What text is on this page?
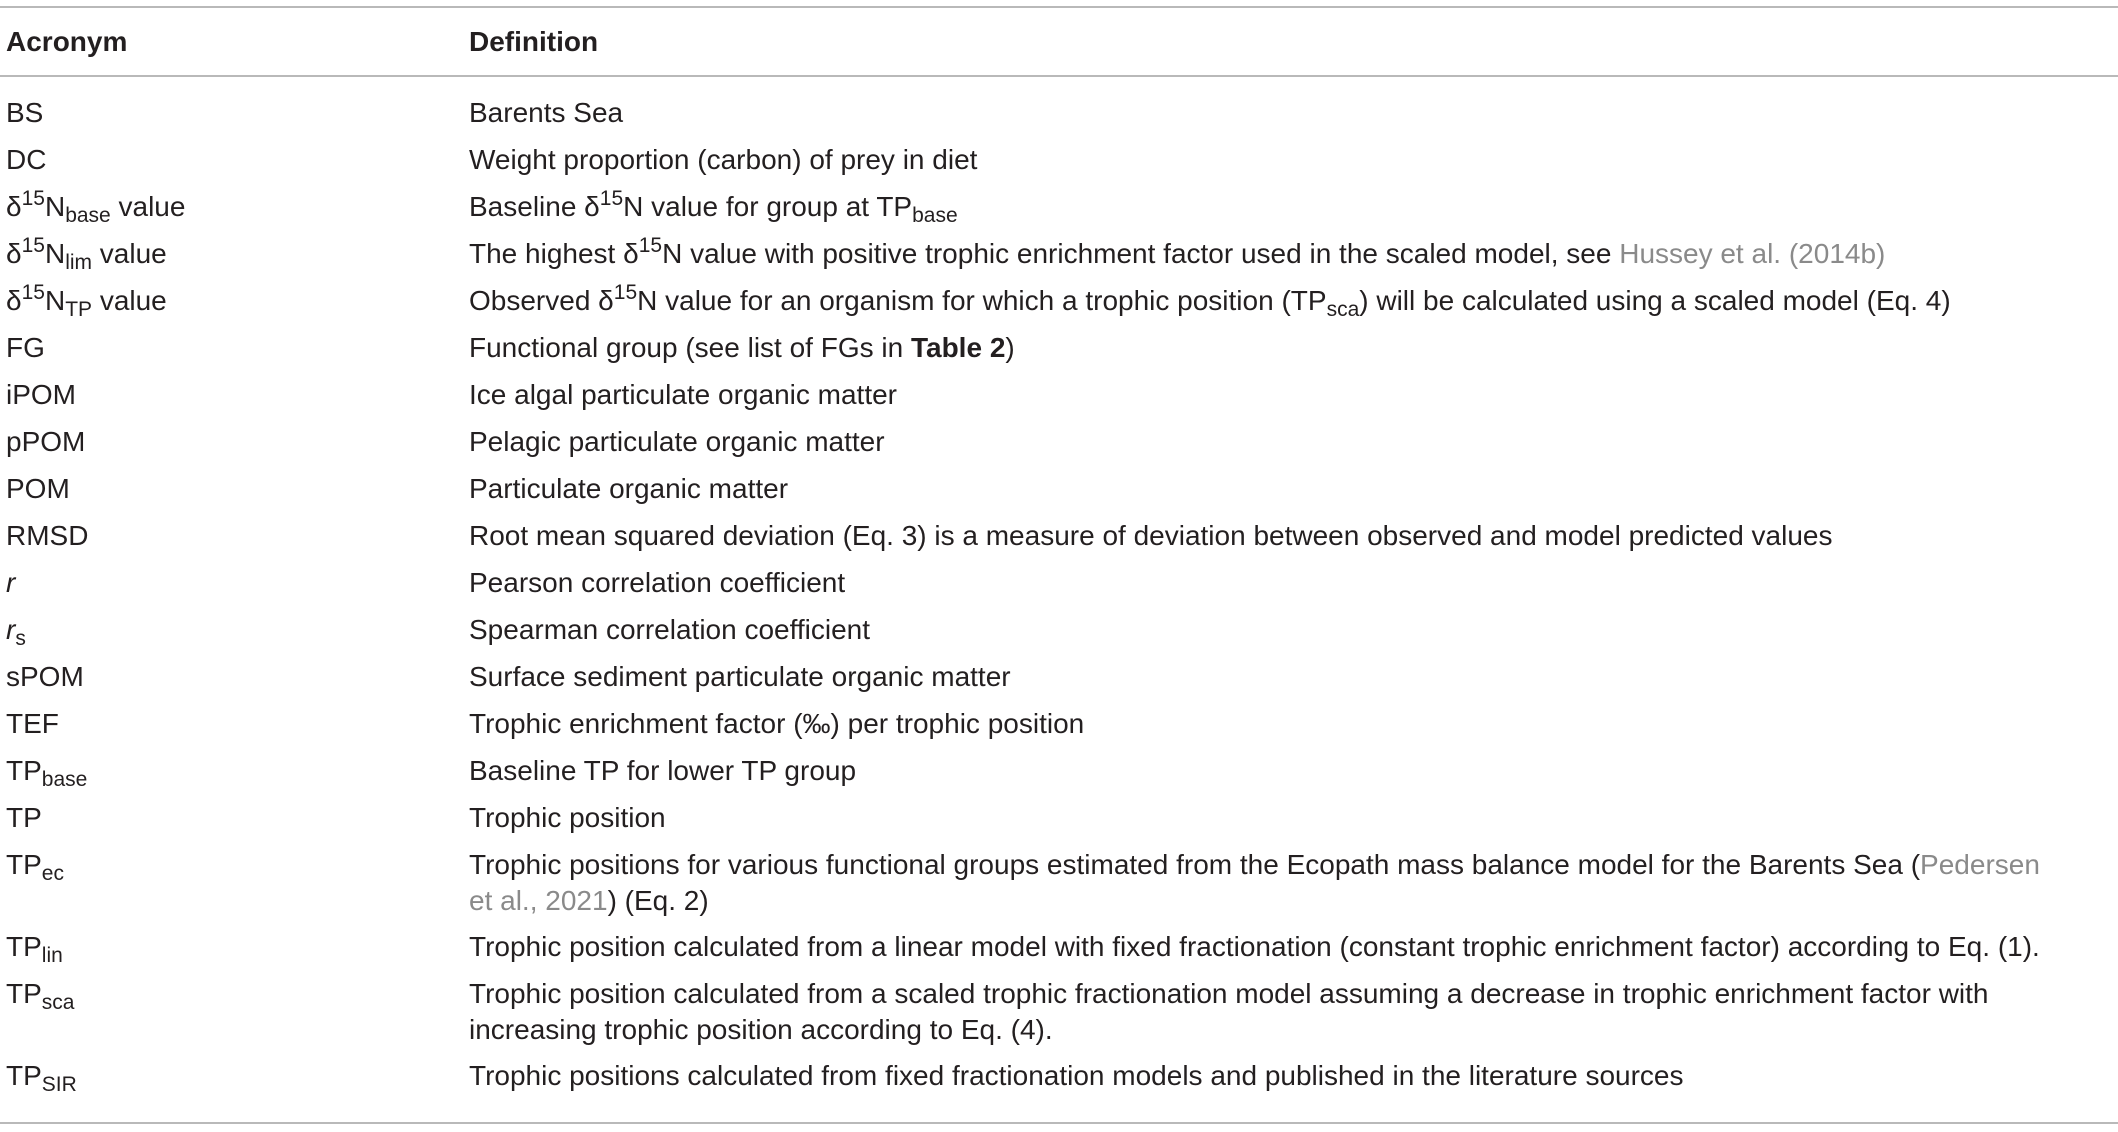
Acronym	Definition
BS	Barents Sea
DC	Weight proportion (carbon) of prey in diet
$\delta^{15}N_{base}$ value	Baseline $\delta^{15}N$ value for group at $TP_{base}$
$\delta^{15}N_{lim}$ value	The highest $\delta^{15}N$ value with positive trophic enrichment factor used in the scaled model, see Hussey et al. (2014b)
$\delta^{15}N_{TP}$ value	Observed $\delta^{15}N$ value for an organism for which a trophic position $(TP_{sca})$ will be calculated using a scaled model (Eq. 4)
FG	Functional group (see list of FGs in Table 2)
iPOM	Ice algal particulate organic matter
pPOM	Pelagic particulate organic matter
POM	Particulate organic matter
RMSD	Root mean squared deviation (Eq. 3) is a measure of deviation between observed and model predicted values
r	Pearson correlation coefficient
$r_s$	Spearman correlation coefficient
sPOM	Surface sediment particulate organic matter
TEF	Trophic enrichment factor (‰) per trophic position
$TP_{base}$	Baseline TP for lower TP group
TP	Trophic position
$TP_{ec}$	Trophic positions for various functional groups estimated from the Ecopath mass balance model for the Barents Sea (Pedersen
et al., 2021) (Eq. 2)
$TP_{lin}$	Trophic position calculated from a linear model with fixed fractionation (constant trophic enrichment factor) according to Eq. (1).
$TP_{sca}$	Trophic position calculated from a scaled trophic fractionation model assuming a decrease in trophic enrichment factor with
increasing trophic position according to Eq. (4).
$TP_{SIR}$	Trophic positions calculated from fixed fractionation models and published in the literature sources
